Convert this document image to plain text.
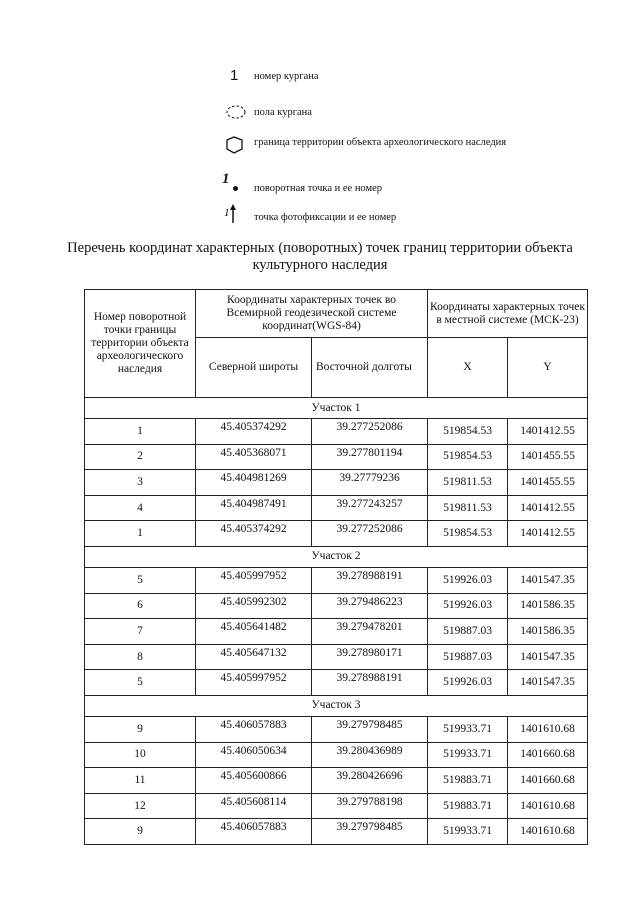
1	номер кургана
пола кургана
граница территории объекта археологического наследия
1
поворотная точка и ее номер
1 точка фотофиксации и ее номер
Перечень координат характерных (поворотных) точек границ территории объекта культурного наследия
Номер поворотной точки границы территории объекта археологического наследия	Координаты характерных точек во Всемирной геодезической системе координат(WGS-84)		Координаты характерных точек в местной системе (МСК-23)	
	Северной широты	Восточной долготы	X	Y
Участок 1				
1	45.405374292	39.277252086	519854.53	1401412.55
2	45.405368071	39.277801194	519854.53	1401455.55
3	45.404981269	39.27779236	519811.53	1401455.55
4	45.404987491	39.277243257	519811.53	1401412.55
1	45.405374292	39.277252086	519854.53	1401412.55
Участок 2				
5	45.405997952	39.278988191	519926.03	1401547.35
6	45.405992302	39.279486223	519926.03	1401586.35
7	45.405641482	39.279478201	519887.03	1401586.35
8	45.405647132	39.278980171	519887.03	1401547.35
5	45.405997952	39.278988191	519926.03	1401547.35
Участок 3				
9	45.406057883	39.279798485	519933.71	1401610.68
10	45.406050634	39.280436989	519933.71	1401660.68
11	45.405600866	39.280426696	519883.71	1401660.68
12	45.405608114	39.279788198	519883.71	1401610.68
9	45.406057883	39.279798485	519933.71	1401610.68
